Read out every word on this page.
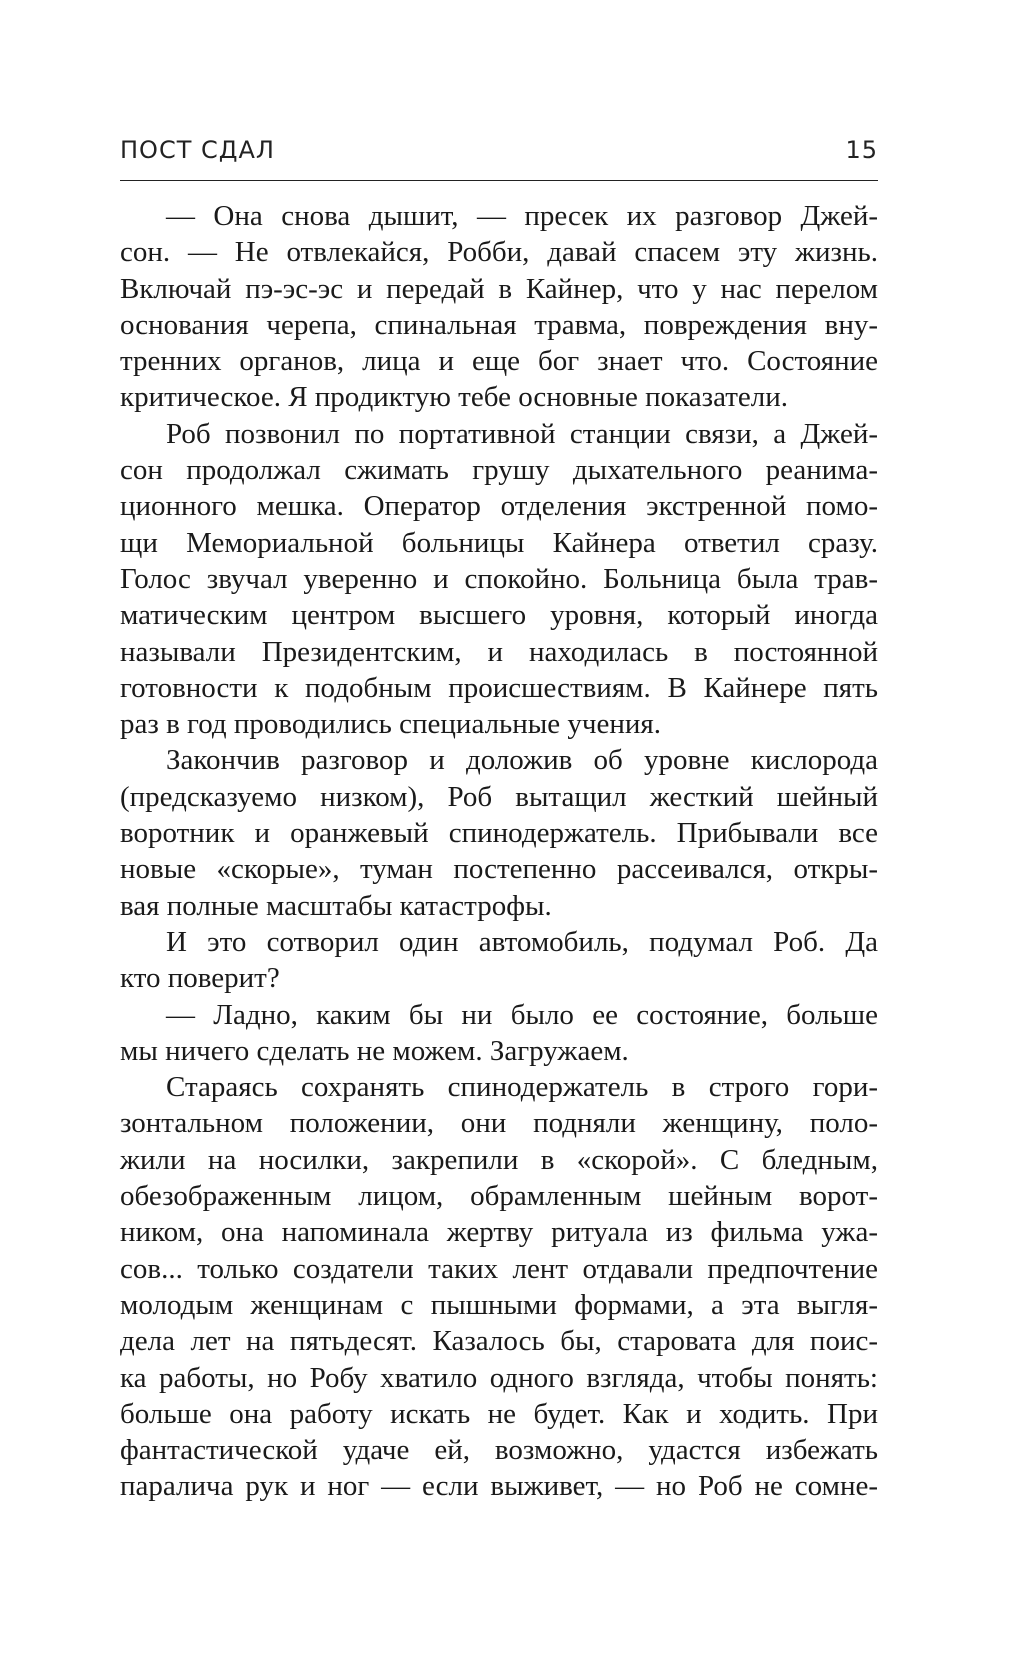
ПОСТ СДАЛ	15
— Она снова дышит, — пресек их разговор Джей-
сон. — Не отвлекайся, Робби, давай спасем эту жизнь.
Включай пэ-эс-эс и передай в Кайнер, что у нас перелом
основания черепа, спинальная травма, повреждения вну-
тренних органов, лица и еще бог знает что. Состояние
критическое. Я продиктую тебе основные показатели.
Роб позвонил по портативной станции связи, а Джей-
сон продолжал сжимать грушу дыхательного реанима-
ционного мешка. Оператор отделения экстренной помо-
щи Мемориальной больницы Кайнера ответил сразу.
Голос звучал уверенно и спокойно. Больница была трав-
матическим центром высшего уровня, который иногда
называли Президентским, и находилась в постоянной
готовности к подобным происшествиям. В Кайнере пять
раз в год проводились специальные учения.
Закончив разговор и доложив об уровне кислорода
(предсказуемо низком), Роб вытащил жесткий шейный
воротник и оранжевый спинодержатель. Прибывали все
новые «скорые», туман постепенно рассеивался, откры-
вая полные масштабы катастрофы.
И это сотворил один автомобиль, подумал Роб. Да
кто поверит?
— Ладно, каким бы ни было ее состояние, больше
мы ничего сделать не можем. Загружаем.
Стараясь сохранять спинодержатель в строго гори-
зонтальном положении, они подняли женщину, поло-
жили на носилки, закрепили в «скорой». С бледным,
обезображенным лицом, обрамленным шейным ворот-
ником, она напоминала жертву ритуала из фильма ужа-
сов... только создатели таких лент отдавали предпочтение
молодым женщинам с пышными формами, а эта выгля-
дела лет на пятьдесят. Казалось бы, старовата для поис-
ка работы, но Робу хватило одного взгляда, чтобы понять:
больше она работу искать не будет. Как и ходить. При
фантастической удаче ей, возможно, удастся избежать
паралича рук и ног — если выживет, — но Роб не сомне-
